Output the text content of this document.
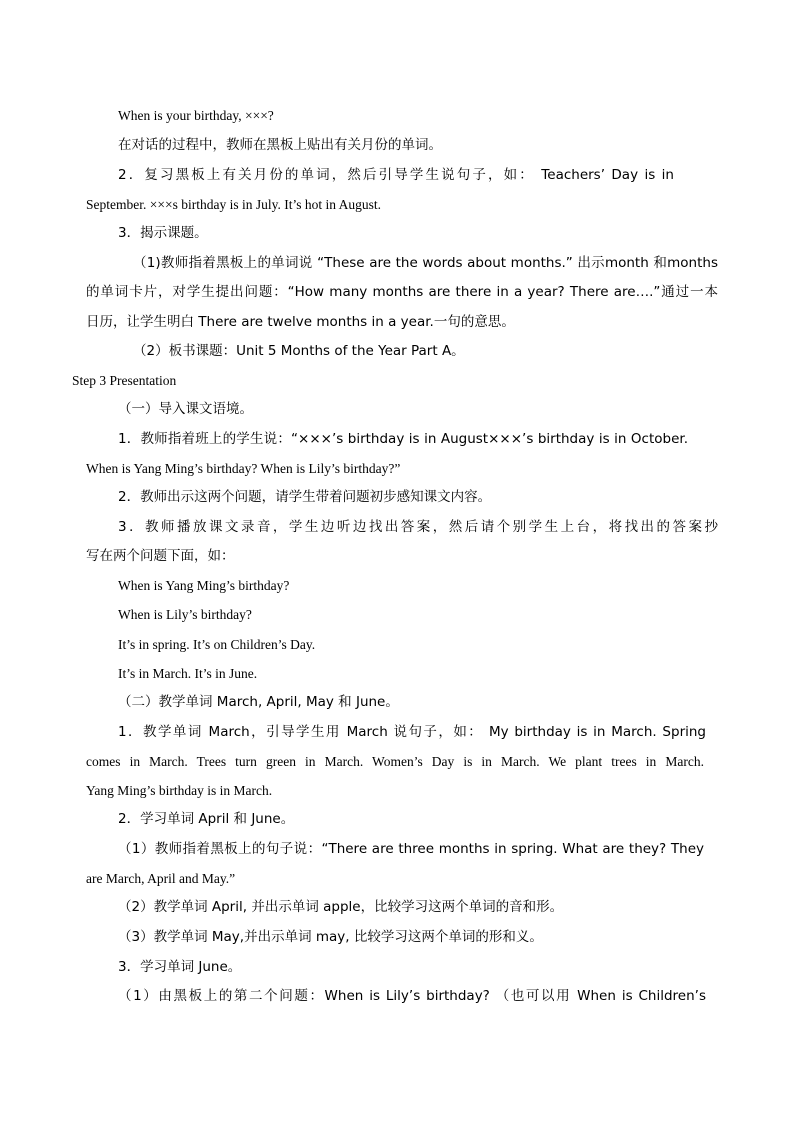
When is your birthday, ×××?
在对话的过程中，教师在黑板上贴出有关月份的单词。
2．复习黑板上有关月份的单词，然后引导学生说句子，如： Teachers’ Day is in
September. ×××s birthday is in July. It’s hot in August.
3．揭示课题。
（1)教师指着黑板上的单词说 “These are the words about months.” 出示month 和months
的单词卡片，对学生提出问题：“How many months are there in a year? There are….”通过一本
日历，让学生明白 There are twelve months in a year.一句的意思。
（2）板书课题：Unit 5 Months of the Year Part A。
Step 3 Presentation
（一）导入课文语境。
1．教师指着班上的学生说：“×××’s birthday is in August×××’s birthday is in October.
When is Yang Ming’s birthday? When is Lily’s birthday?”
2．教师出示这两个问题，请学生带着问题初步感知课文内容。
3．教师播放课文录音，学生边听边找出答案，然后请个别学生上台，将找出的答案抄
写在两个问题下面，如：
When is Yang Ming’s birthday?
When is Lily’s birthday?
It’s in spring. It’s on Children’s Day.
It’s in March. It’s in June.
（二）教学单词 March, April, May 和 June。
1．教学单词 March，引导学生用 March 说句子，如： My birthday is in March. Spring
comes in March. Trees turn green in March. Women’s Day is in March. We plant trees in March.
Yang Ming’s birthday is in March.
2．学习单词 April 和 June。
（1）教师指着黑板上的句子说：“There are three months in spring. What are they? They
are March, April and May.”
（2）教学单词 April, 并出示单词 apple，比较学习这两个单词的音和形。
（3）教学单词 May,并出示单词 may, 比较学习这两个单词的形和义。
3．学习单词 June。
（1）由黑板上的第二个问题：When is Lily’s birthday? （也可以用 When is Children’s
